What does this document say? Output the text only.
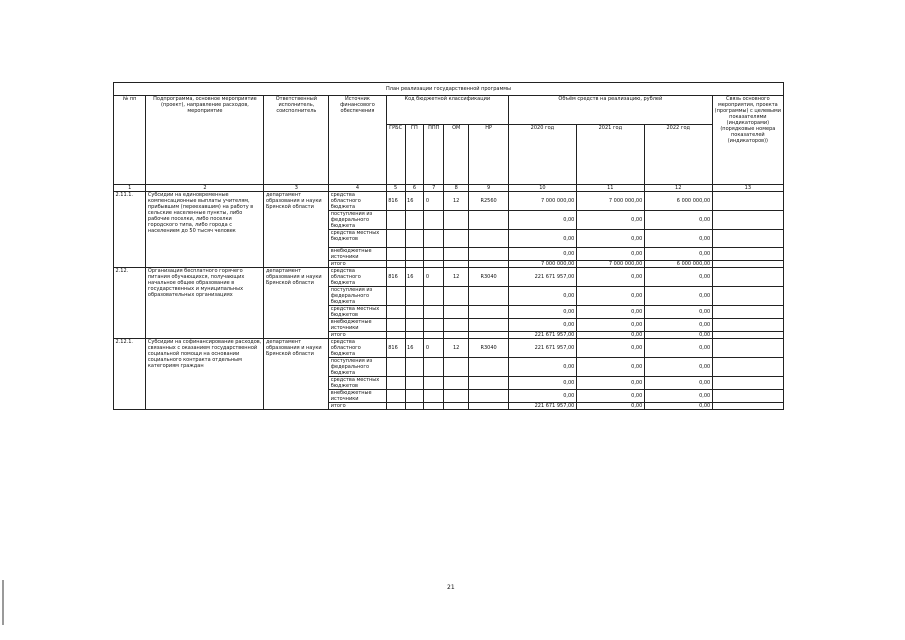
План реализации государственной программы												
№ пп	Подпрограмма, основное мероприятие (проект), направление расходов, мероприятие	Ответственный исполнитель, соисполнитель	Источник финансового обеспечения	Код бюджетной классификации					Объём средств на реализацию, рублей			Связь основного мероприятия, проекта (программы) с целевыми показателями (индикаторами) (порядковые номера показателей (индикаторов))
				ГРБС	ГП	ППП	ОМ	НР	2020 год	2021 год	2022 год	
1	2	3	4	5	6	7	8	9	10	11	12	13
2.11.1.	Субсидии на единовременные компенсационные выплаты учителям, прибывшим (переехавшим) на работу в сельские населенные пункты, либо рабочие поселки, либо поселки городского типа, либо города с населением до 50 тысяч человек	департамент образования и науки Брянской области	средства областного бюджета	816	16	0	12	R2560	7 000 000,00	7 000 000,00	6 000 000,00	
			поступления из федерального бюджета						0,00	0,00	0,00	
			средства местных бюджетов						0,00	0,00	0,00	
			внебюджетные источники						0,00	0,00	0,00	
			итого						7 000 000,00	7 000 000,00	6 000 000,00	
2.12.	Организация бесплатного горячего питания обучающихся, получающих начальное общее образование в государственных и муниципальных образовательных организациях	департамент образования и науки Брянской области	средства областного бюджета	816	16	0	12	R3040	221 671 957,00	0,00	0,00	
			поступления из федерального бюджета						0,00	0,00	0,00	
			средства местных бюджетов						0,00	0,00	0,00	
			внебюджетные источники						0,00	0,00	0,00	
			итого						221 671 957,00	0,00	0,00	
2.12.1.	Субсидии на софинансирование расходов, связанных с оказанием государственной социальной помощи на основании социального контракта отдельным категориям граждан	департамент образования и науки Брянской области	средства областного бюджета	816	16	0	12	R3040	221 671 957,00	0,00	0,00	
			поступления из федерального бюджета						0,00	0,00	0,00	
			средства местных бюджетов						0,00	0,00	0,00	
			внебюджетные источники						0,00	0,00	0,00	
			итого						221 671 957,00	0,00	0,00	
21
